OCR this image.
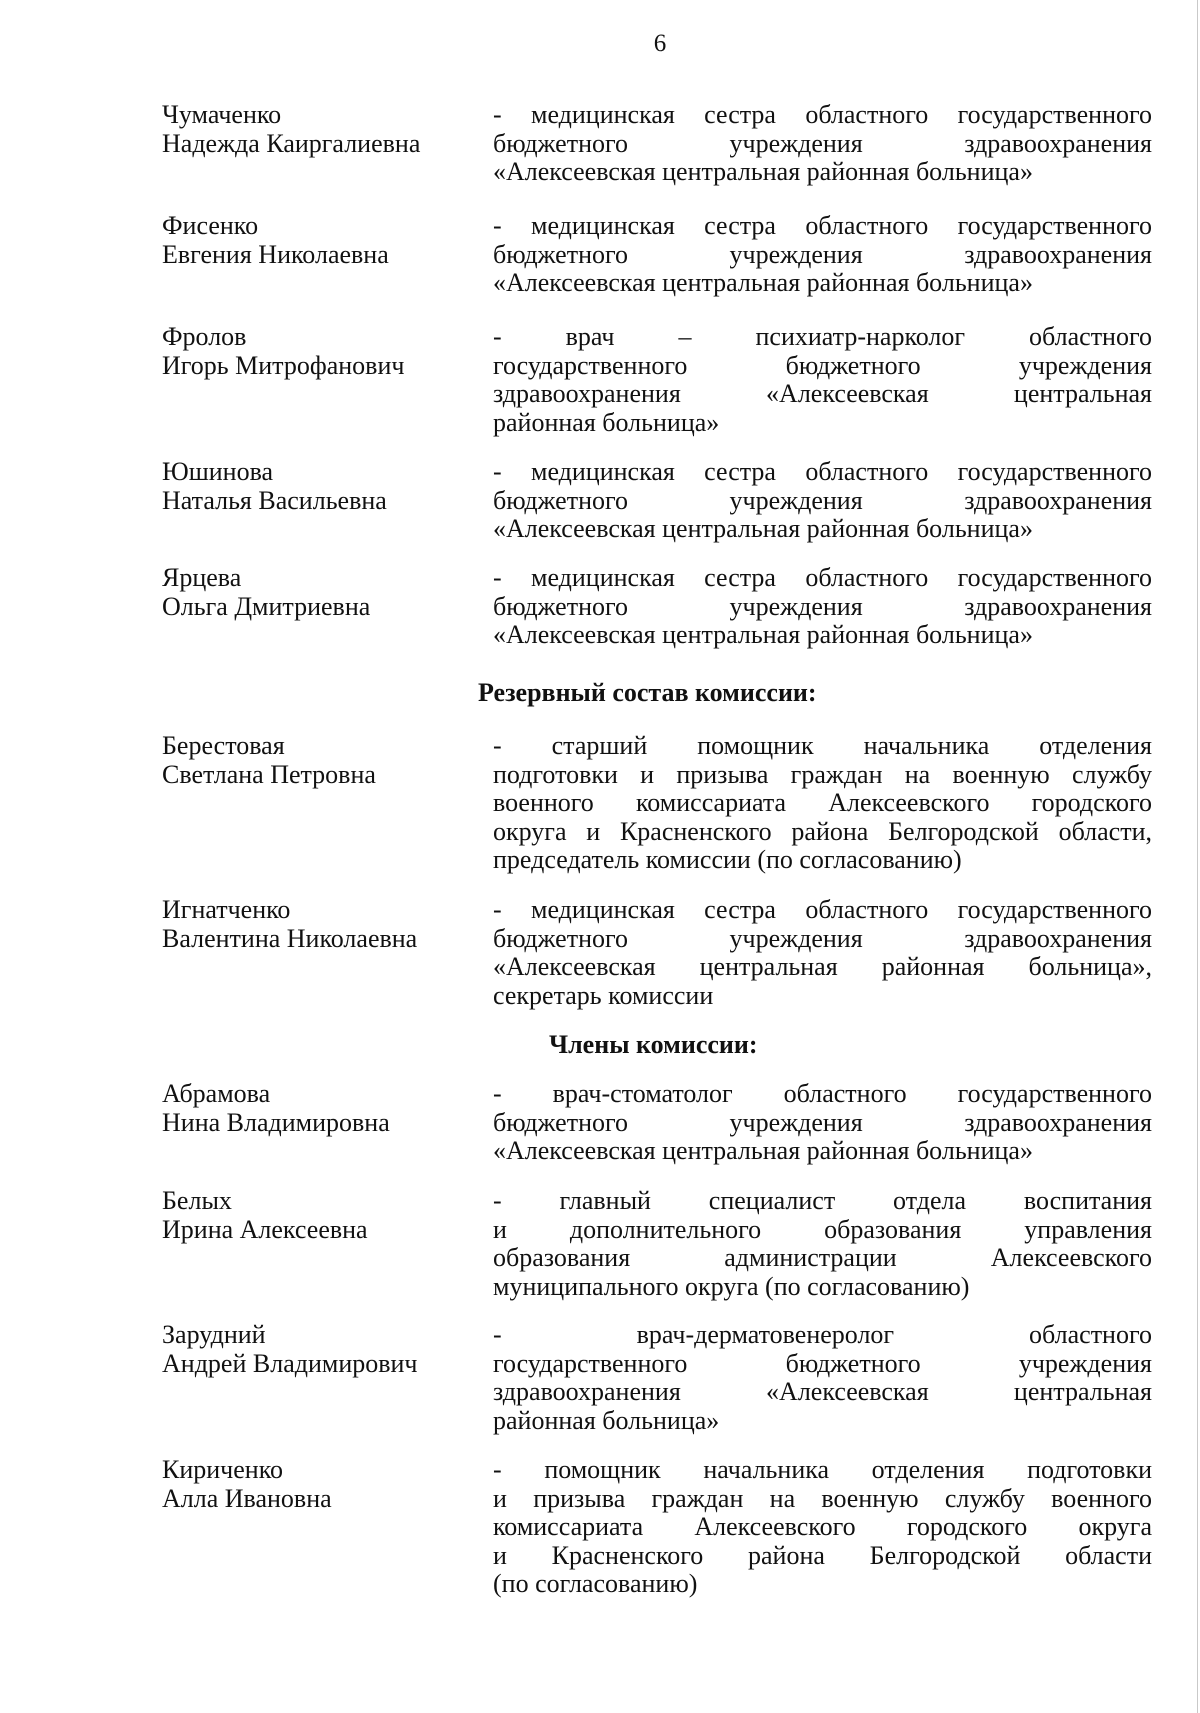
6
Чумаченко
Надежда Каиргалиевна
- медицинская сестра областного государственного
бюджетного учреждения здравоохранения
«Алексеевская центральная районная больница»
Фисенко
Евгения Николаевна
- медицинская сестра областного государственного
бюджетного учреждения здравоохранения
«Алексеевская центральная районная больница»
Фролов
Игорь Митрофанович
- врач – психиатр-нарколог областного
государственного бюджетного учреждения
здравоохранения «Алексеевская центральная
районная больница»
Юшинова
Наталья Васильевна
- медицинская сестра областного государственного
бюджетного учреждения здравоохранения
«Алексеевская центральная районная больница»
Ярцева
Ольга Дмитриевна
- медицинская сестра областного государственного
бюджетного учреждения здравоохранения
«Алексеевская центральная районная больница»
Резервный состав комиссии:
Берестовая
Светлана Петровна
- старший помощник начальника отделения
подготовки и призыва граждан на военную службу
военного комиссариата Алексеевского городского
округа и Красненского района Белгородской области,
председатель комиссии (по согласованию)
Игнатченко
Валентина Николаевна
- медицинская сестра областного государственного
бюджетного учреждения здравоохранения
«Алексеевская центральная районная больница»,
секретарь комиссии
Члены комиссии:
Абрамова
Нина Владимировна
- врач-стоматолог областного государственного
бюджетного учреждения здравоохранения
«Алексеевская центральная районная больница»
Белых
Ирина Алексеевна
- главный специалист отдела воспитания
и дополнительного образования управления
образования администрации Алексеевского
муниципального округа (по согласованию)
Зарудний
Андрей Владимирович
- врач-дерматовенеролог областного
государственного бюджетного учреждения
здравоохранения «Алексеевская центральная
районная больница»
Кириченко
Алла Ивановна
- помощник начальника отделения подготовки
и призыва граждан на военную службу военного
комиссариата Алексеевского городского округа
и Красненского района Белгородской области
(по согласованию)
